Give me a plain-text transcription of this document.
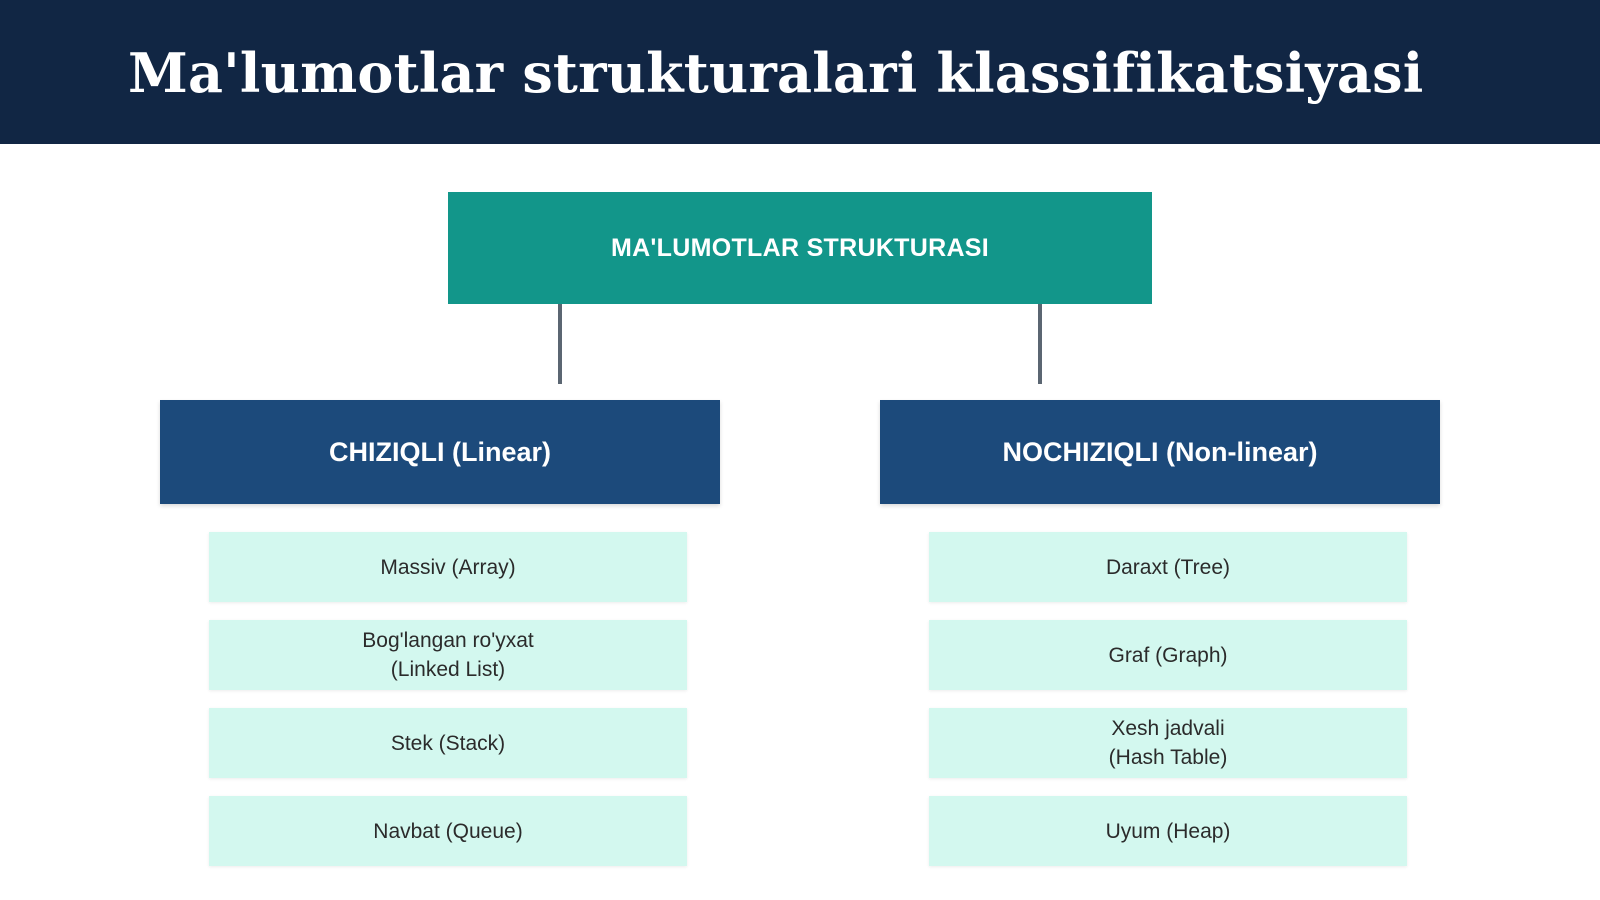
Ma'lumotlar strukturalari klassifikatsiyasi
MA'LUMOTLAR STRUKTURASI
CHIZIQLI (Linear)	NOCHIZIQLI (Non-linear)
Massiv (Array)
Bog'langan ro'yxat
(Linked List)
Stek (Stack)
Navbat (Queue)
Daraxt (Tree)
Graf (Graph)
Xesh jadvali
(Hash Table)
Uyum (Heap)
